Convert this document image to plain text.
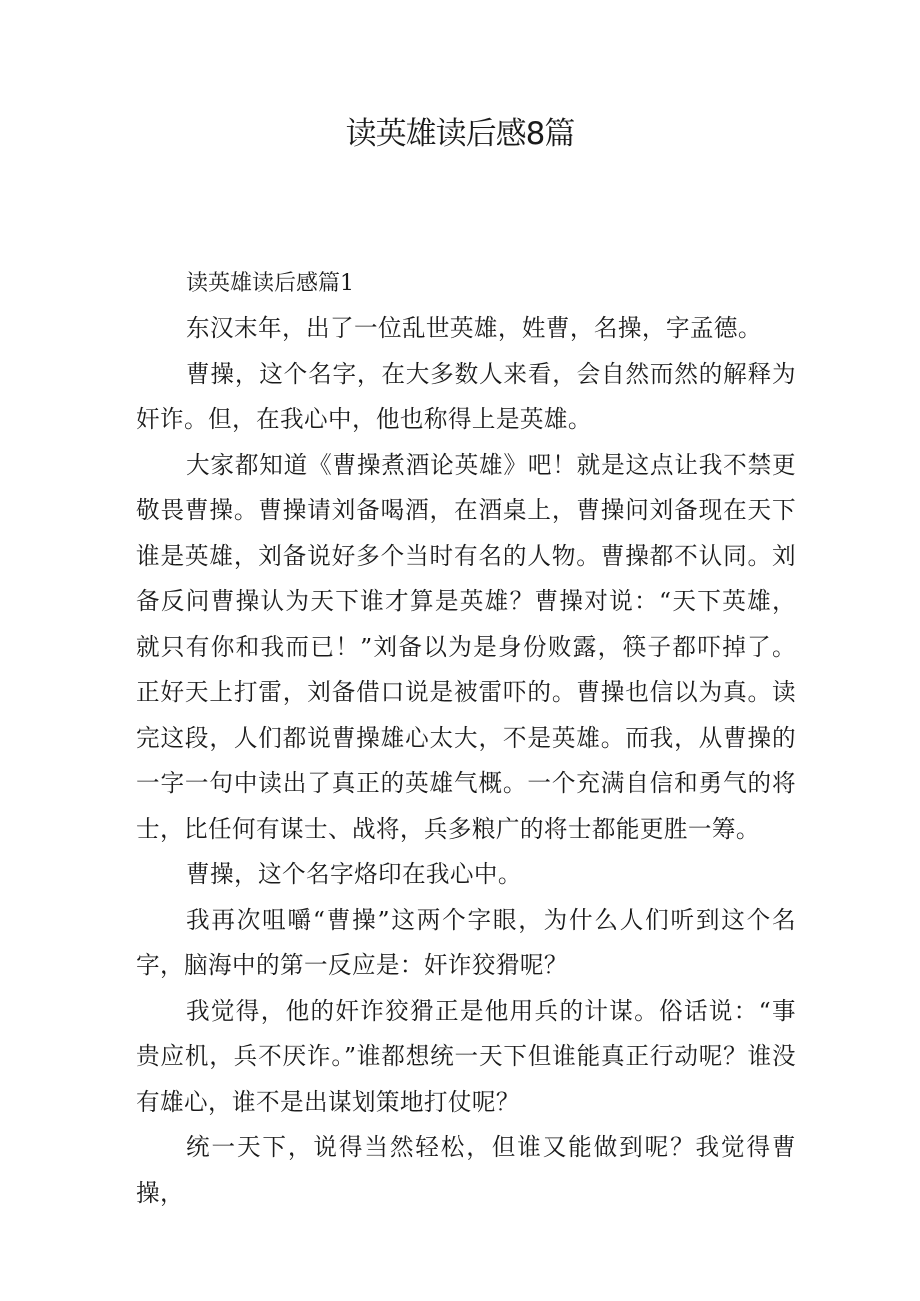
读英雄读后感8篇
读英雄读后感篇1

东汉末年，出了一位乱世英雄，姓曹，名操，字孟德。

曹操，这个名字，在大多数人来看，会自然而然的解释为奸诈。但，在我心中，他也称得上是英雄。

大家都知道《曹操煮酒论英雄》吧！就是这点让我不禁更敬畏曹操。曹操请刘备喝酒，在酒桌上，曹操问刘备现在天下谁是英雄，刘备说好多个当时有名的人物。曹操都不认同。刘备反问曹操认为天下谁才算是英雄？曹操对说：“天下英雄，就只有你和我而已！”刘备以为是身份败露，筷子都吓掉了。正好天上打雷，刘备借口说是被雷吓的。曹操也信以为真。读完这段，人们都说曹操雄心太大，不是英雄。而我，从曹操的一字一句中读出了真正的英雄气概。一个充满自信和勇气的将士，比任何有谋士、战将，兵多粮广的将士都能更胜一筹。

曹操，这个名字烙印在我心中。

我再次咀嚼“曹操”这两个字眼，为什么人们听到这个名字，脑海中的第一反应是：奸诈狡猾呢？

我觉得，他的奸诈狡猾正是他用兵的计谋。俗话说：“事贵应机，兵不厌诈。”谁都想统一天下但谁能真正行动呢？谁没有雄心，谁不是出谋划策地打仗呢？

统一天下，说得当然轻松，但谁又能做到呢？我觉得曹操，
